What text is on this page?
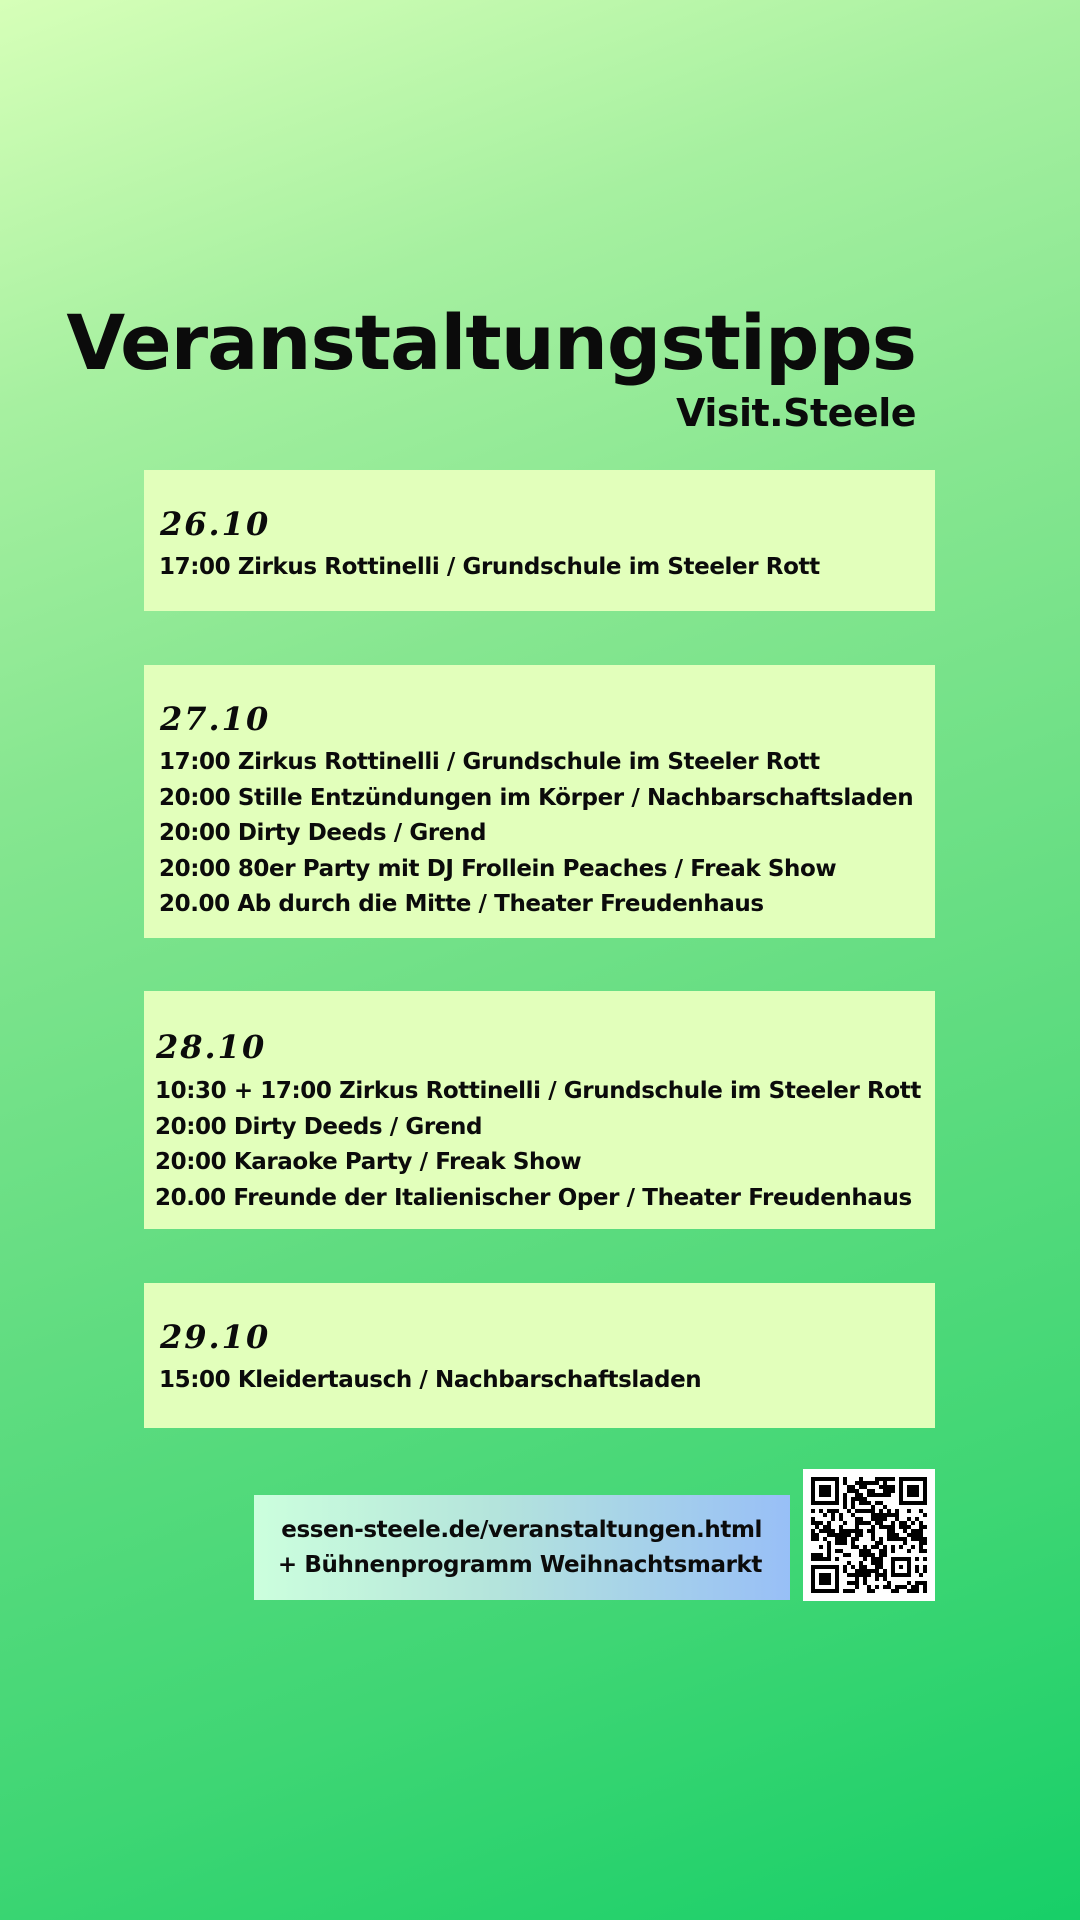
Veranstaltungstipps
Visit.Steele
26.10
17:00 Zirkus Rottinelli / Grundschule im Steeler Rott
27.10
17:00 Zirkus Rottinelli / Grundschule im Steeler Rott
20:00 Stille Entzündungen im Körper / Nachbarschaftsladen
20:00 Dirty Deeds / Grend
20:00 80er Party mit DJ Frollein Peaches / Freak Show
20.00 Ab durch die Mitte / Theater Freudenhaus
28.10
10:30 + 17:00 Zirkus Rottinelli / Grundschule im Steeler Rott
20:00 Dirty Deeds / Grend
20:00 Karaoke Party / Freak Show
20.00 Freunde der Italienischer Oper / Theater Freudenhaus
29.10
15:00 Kleidertausch / Nachbarschaftsladen
essen-steele.de/veranstaltungen.html
+ Bühnenprogramm Weihnachtsmarkt
